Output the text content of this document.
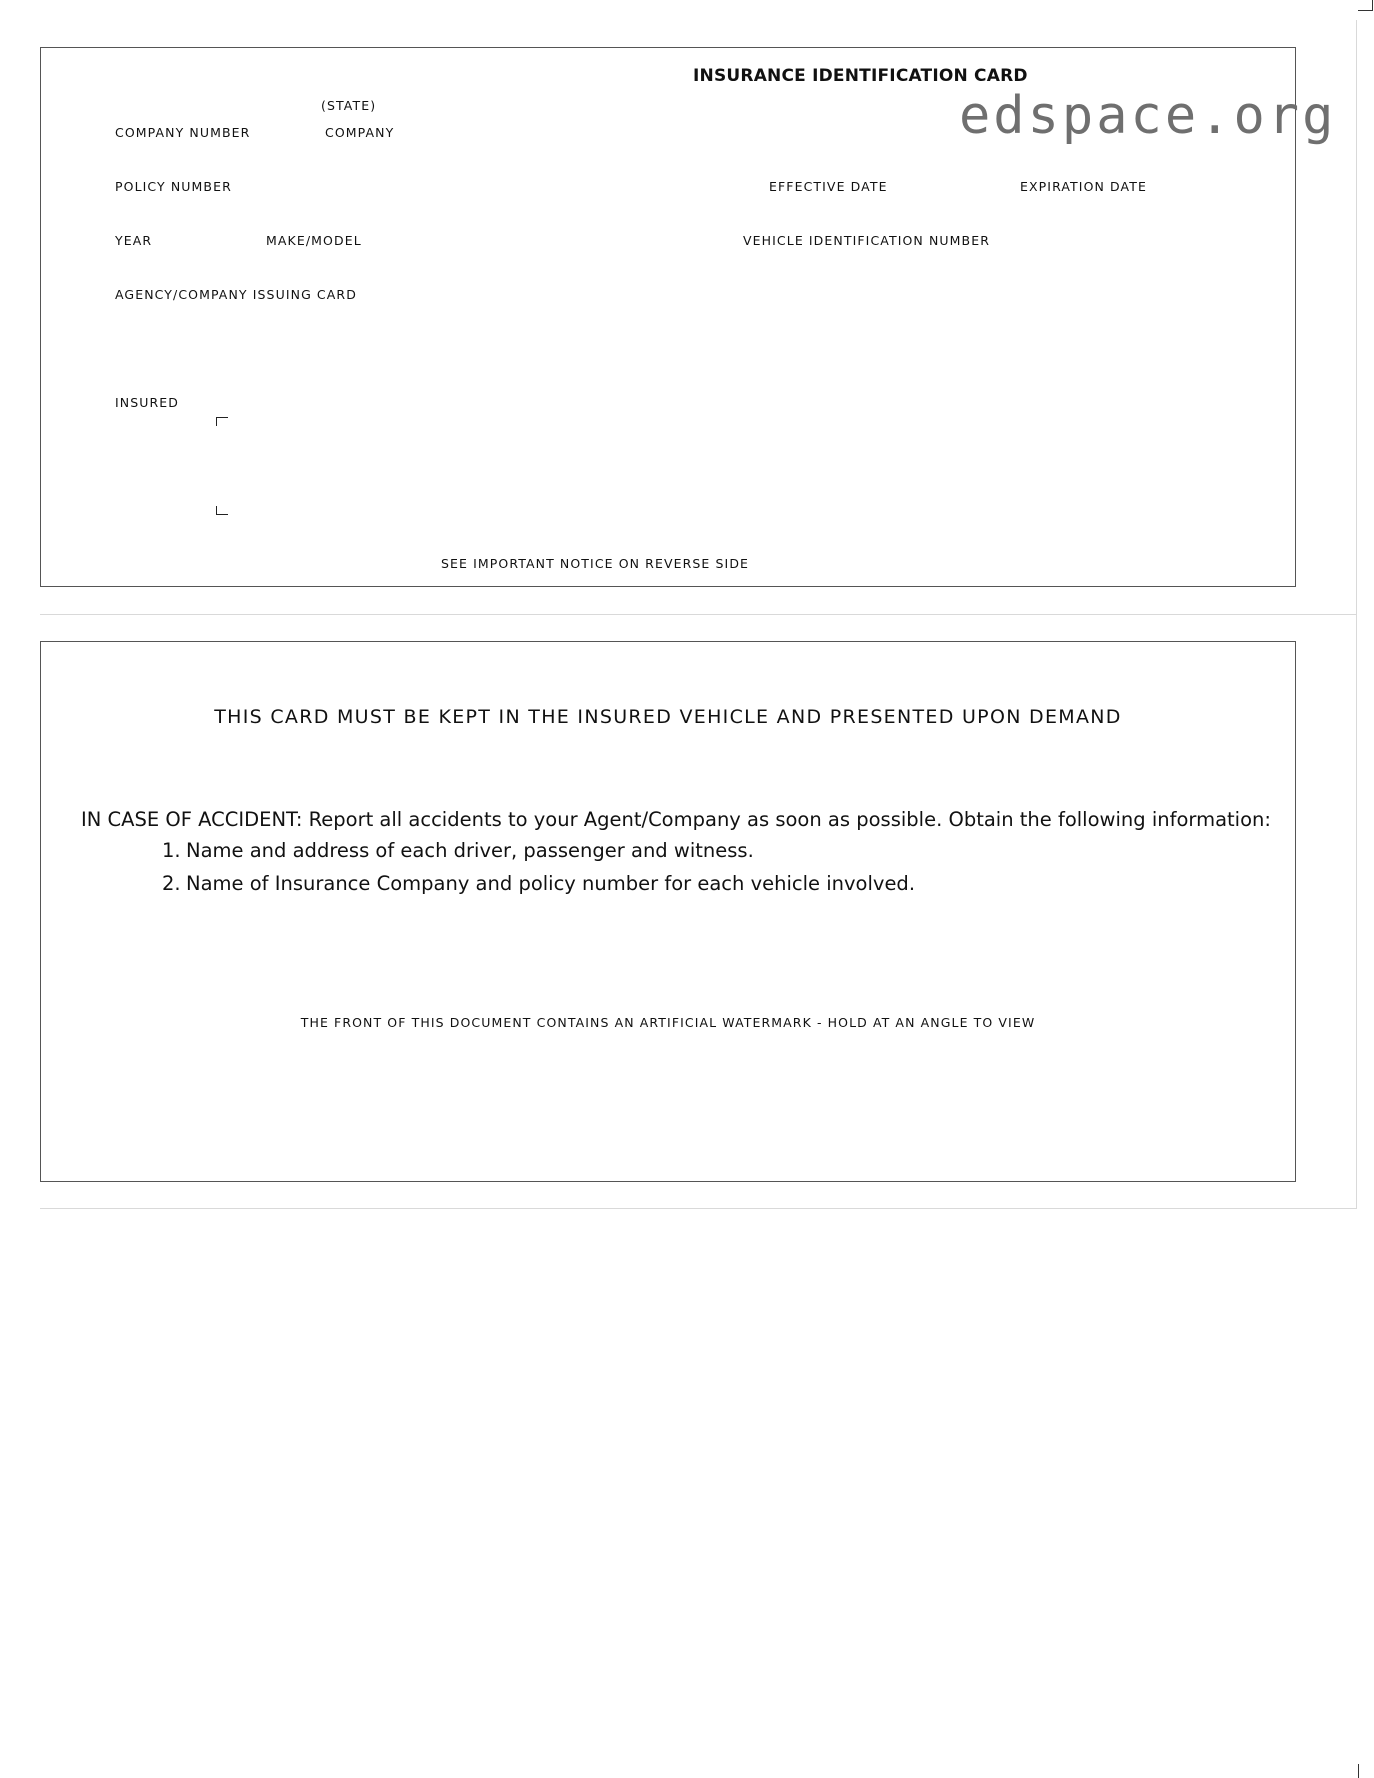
INSURANCE IDENTIFICATION CARD
edspace.org
(STATE)
COMPANY NUMBER	COMPANY
POLICY NUMBER	EFFECTIVE DATE	EXPIRATION DATE
YEAR	MAKE/MODEL	VEHICLE IDENTIFICATION NUMBER
AGENCY/COMPANY ISSUING CARD
INSURED
SEE IMPORTANT NOTICE ON REVERSE SIDE
THIS CARD MUST BE KEPT IN THE INSURED VEHICLE AND PRESENTED UPON DEMAND
IN CASE OF ACCIDENT: Report all accidents to your Agent/Company as soon as possible. Obtain the following information:
1. Name and address of each driver, passenger and witness.
2. Name of Insurance Company and policy number for each vehicle involved.
THE FRONT OF THIS DOCUMENT CONTAINS AN ARTIFICIAL WATERMARK - HOLD AT AN ANGLE TO VIEW
